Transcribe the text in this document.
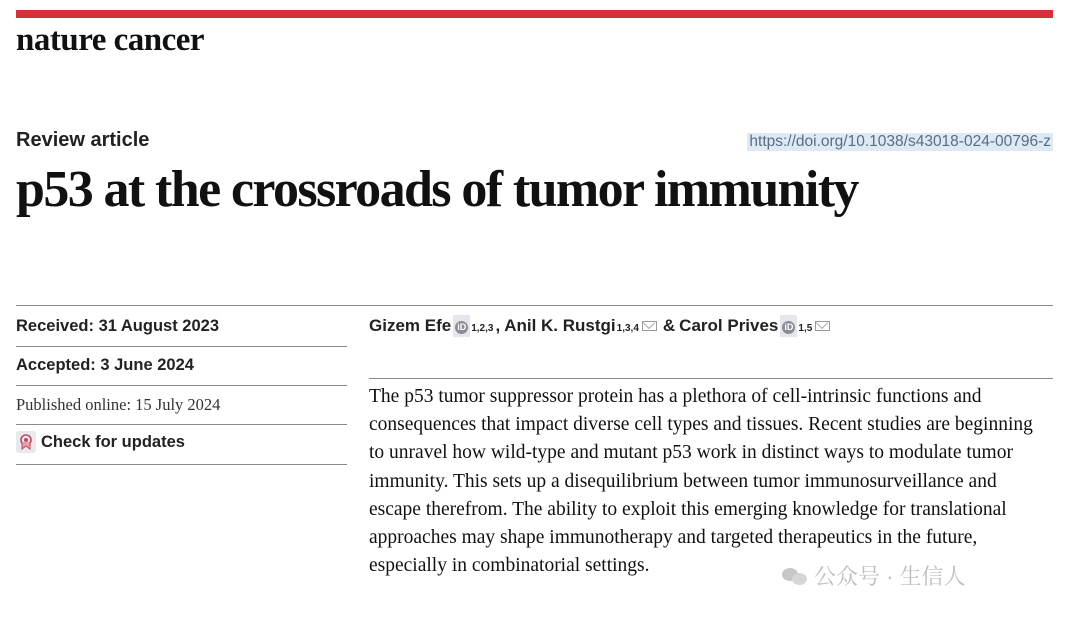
nature cancer
Review article	https://doi.org/10.1038/s43018-024-00796-z
p53 at the crossroads of tumor immunity
Received: 31 August 2023
Accepted: 3 June 2024
Published online: 15 July 2024
Check for updates
Gizem Efe iD 1,2,3 , Anil K. Rustgi 1,3,4 & Carol Prives iD 1,5

The p53 tumor suppressor protein has a plethora of cell-intrinsic functions and consequences that impact diverse cell types and tissues. Recent studies are beginning to unravel how wild-type and mutant p53 work in distinct ways to modulate tumor immunity. This sets up a disequilibrium between tumor immunosurveillance and escape therefrom. The ability to exploit this emerging knowledge for translational approaches may shape immunotherapy and targeted therapeutics in the future, especially in combinatorial settings.	公众号 · 生信人
